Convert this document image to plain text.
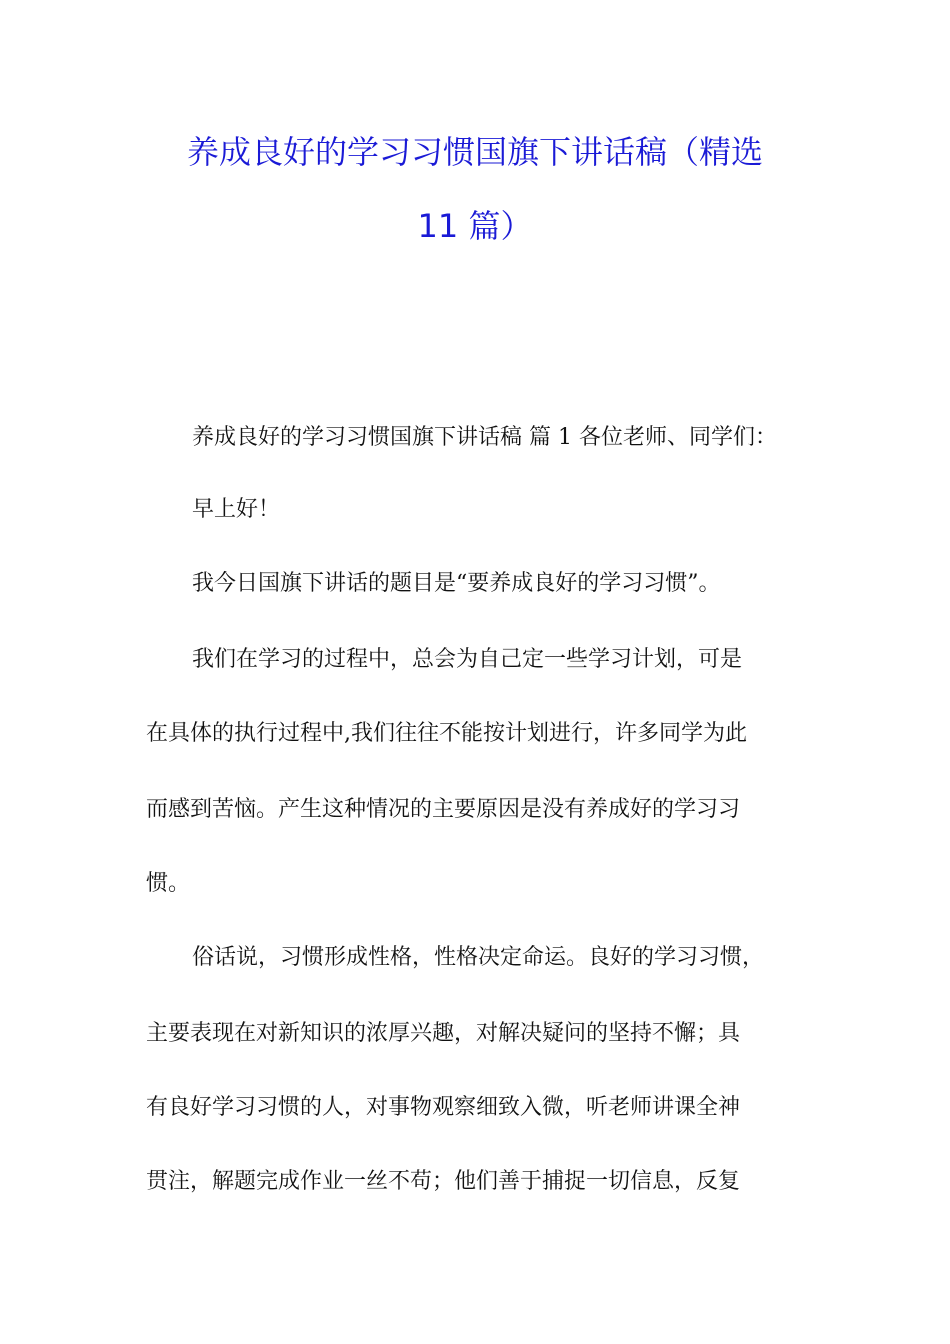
养成良好的学习习惯国旗下讲话稿（精选
11 篇）
养成良好的学习习惯国旗下讲话稿 篇 1 各位老师、同学们：
早上好！
我今日国旗下讲话的题目是“要养成良好的学习习惯”。
我们在学习的过程中，总会为自己定一些学习计划，可是
在具体的执行过程中,我们往往不能按计划进行，许多同学为此
而感到苦恼。产生这种情况的主要原因是没有养成好的学习习
惯。
俗话说，习惯形成性格，性格决定命运。良好的学习习惯，
主要表现在对新知识的浓厚兴趣，对解决疑问的坚持不懈；具
有良好学习习惯的人，对事物观察细致入微，听老师讲课全神
贯注，解题完成作业一丝不苟；他们善于捕捉一切信息，反复
